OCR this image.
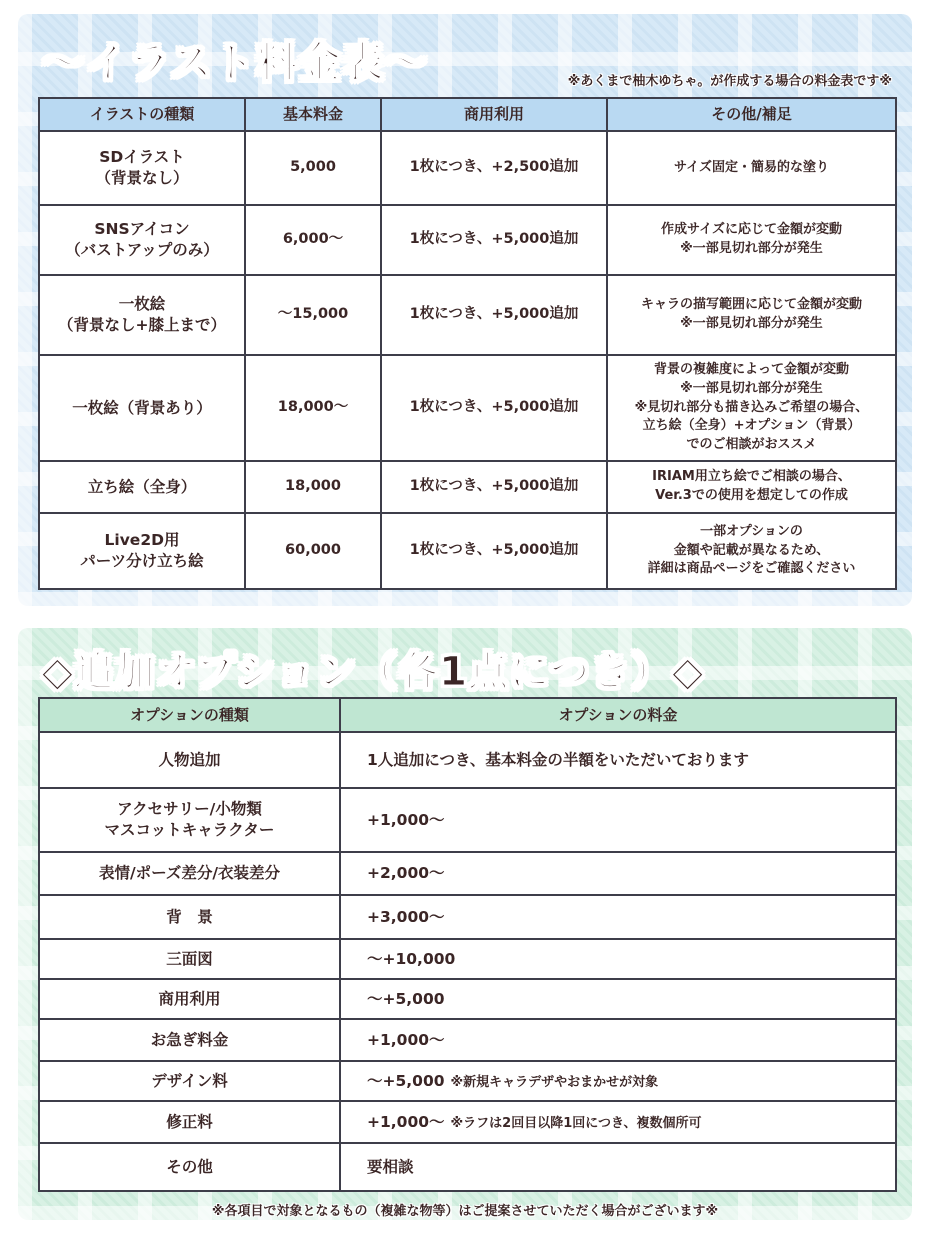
〜イラスト料金表〜	※あくまで柚木ゆちゃ。が作成する場合の料金表です※
イラストの種類	基本料金	商用利用	その他/補足

SDイラスト
（背景なし）	5,000	1枚につき、+2,500追加	サイズ固定・簡易的な塗り

SNSアイコン
（バストアップのみ）	6,000〜	1枚につき、+5,000追加	作成サイズに応じて金額が変動
※一部見切れ部分が発生

一枚絵
（背景なし+膝上まで）	〜15,000	1枚につき、+5,000追加	キャラの描写範囲に応じて金額が変動
※一部見切れ部分が発生

一枚絵（背景あり）	18,000〜	1枚につき、+5,000追加	背景の複雑度によって金額が変動
※一部見切れ部分が発生
※見切れ部分も描き込みご希望の場合、
立ち絵（全身）+オプション（背景）
でのご相談がおススメ

立ち絵（全身）	18,000	1枚につき、+5,000追加	IRIAM用立ち絵でご相談の場合、
Ver.3での使用を想定しての作成

Live2D用
パーツ分け立ち絵	60,000	1枚につき、+5,000追加	一部オプションの
金額や記載が異なるため、
詳細は商品ページをご確認ください
◇追加オプション（各1点につき）◇
オプションの種類	オプションの料金

人物追加	1人追加につき、基本料金の半額をいただいております

アクセサリー/小物類
マスコットキャラクター	+1,000〜

表情/ポーズ差分/衣装差分	+2,000〜

背　景	+3,000〜

三面図	〜+10,000

商用利用	〜+5,000

お急ぎ料金	+1,000〜

デザイン料	〜+5,000 ※新規キャラデザやおまかせが対象

修正料	+1,000〜 ※ラフは2回目以降1回につき、複数個所可

その他	要相談
※各項目で対象となるもの（複雑な物等）はご提案させていただく場合がございます※
